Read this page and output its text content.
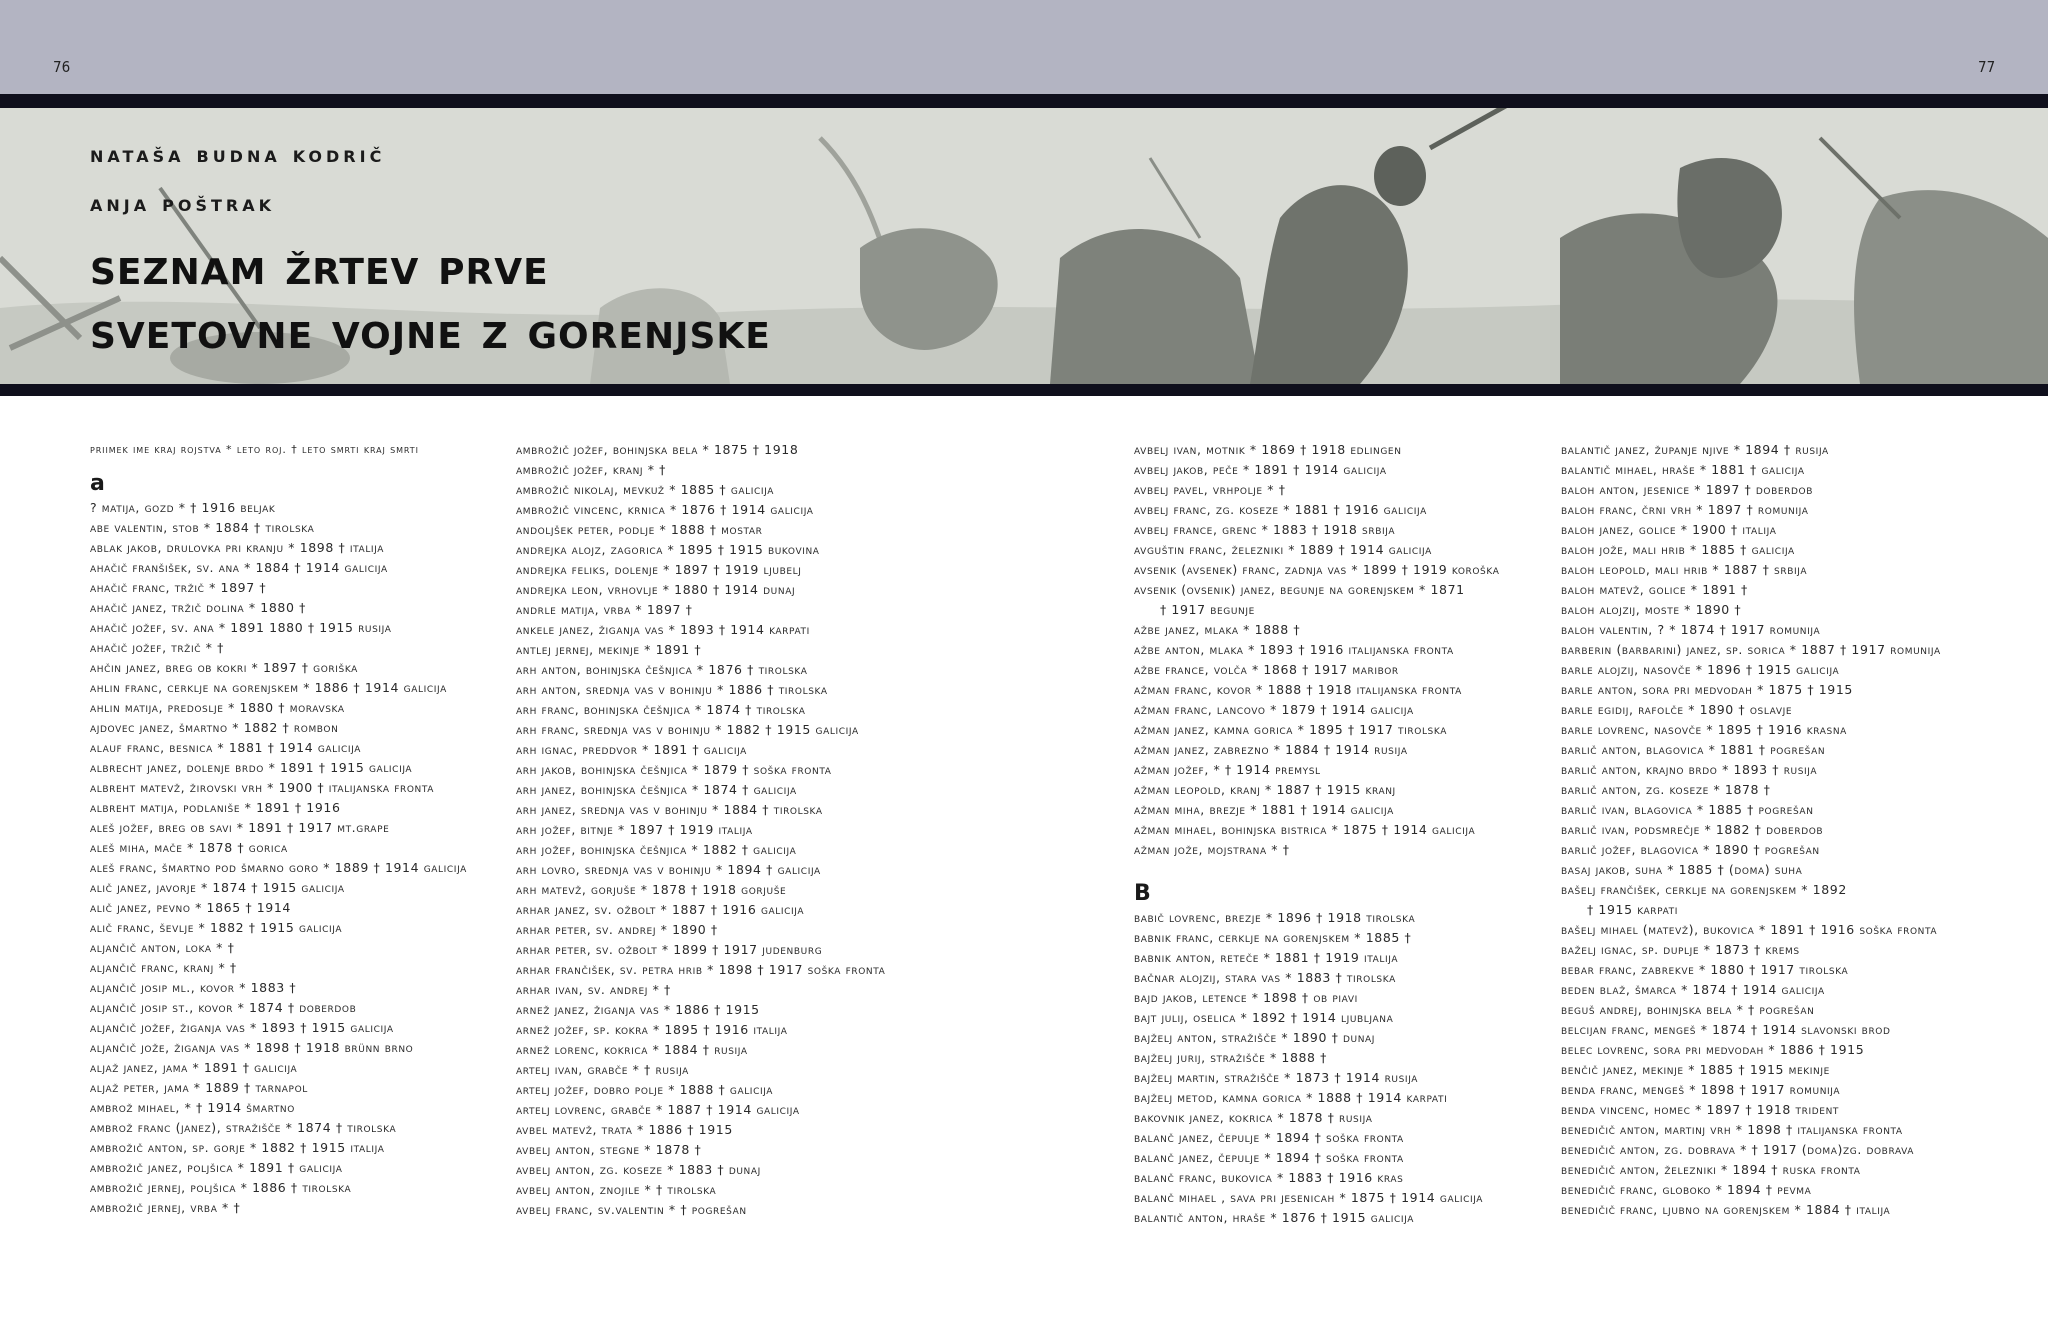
76	77
nataša budna kodrič
anja poštrak
seznam žrtev prve
svetovne vojne z gorenjske
priimek ime kraj rojstva * leto roj. † leto smrti kraj smrti
a
? matija, gozd * † 1916 beljak
abe valentin, stob * 1884 † tirolska
ablak jakob, drulovka pri kranju * 1898 † italija
ahačič franšišek, sv. ana * 1884 † 1914 galicija
ahačič franc, tržič * 1897 †
ahačič janez, tržič dolina * 1880 †
ahačič jožef, sv. ana * 1891 1880 † 1915 rusija
ahačič jožef, tržič * †
ahčin janez, breg ob kokri * 1897 † goriška
ahlin franc, cerklje na gorenjskem * 1886 † 1914 galicija
ahlin matija, predoslje * 1880 † moravska
ajdovec janez, šmartno * 1882 † rombon
alauf franc, besnica * 1881 † 1914 galicija
albrecht janez, dolenje brdo * 1891 † 1915 galicija
albreht matevž, žirovski vrh * 1900 † italijanska fronta
albreht matija, podlaniše * 1891 † 1916
aleš jožef, breg ob savi * 1891 † 1917 mt.grape
aleš miha, mače * 1878 † gorica
aleš franc, šmartno pod šmarno goro * 1889 † 1914 galicija
alič janez, javorje * 1874 † 1915 galicija
alič janez, pevno * 1865 † 1914
alič franc, ševlje * 1882 † 1915 galicija
aljančič anton, loka * †
aljančič franc, kranj * †
aljančič josip ml., kovor * 1883 †
aljančič josip st., kovor * 1874 † doberdob
aljančič jožef, žiganja vas * 1893 † 1915 galicija
aljančič jože, žiganja vas * 1898 † 1918 brünn brno
aljaž janez, jama * 1891 † galicija
aljaž peter, jama * 1889 † tarnapol
ambrož mihael, * † 1914 šmartno
ambrož franc (janez), stražišče * 1874 † tirolska
ambrožič anton, sp. gorje * 1882 † 1915 italija
ambrožič janez, poljšica * 1891 † galicija
ambrožič jernej, poljšica * 1886 † tirolska
ambrožič jernej, vrba * †
ambrožič jožef, bohinjska bela * 1875 † 1918
ambrožič jožef, kranj * †
ambrožič nikolaj, mevkuž * 1885 † galicija
ambrožič vincenc, krnica * 1876 † 1914 galicija
andoljšek peter, podlje * 1888 † mostar
andrejka alojz, zagorica * 1895 † 1915 bukovina
andrejka feliks, dolenje * 1897 † 1919 ljubelj
andrejka leon, vrhovlje * 1880 † 1914 dunaj
andrle matija, vrba * 1897 †
ankele janez, žiganja vas * 1893 † 1914 karpati
antlej jernej, mekinje * 1891 †
arh anton, bohinjska češnjica * 1876 † tirolska
arh anton, srednja vas v bohinju * 1886 † tirolska
arh franc, bohinjska češnjica * 1874 † tirolska
arh franc, srednja vas v bohinju * 1882 † 1915 galicija
arh ignac, preddvor * 1891 † galicija
arh jakob, bohinjska češnjica * 1879 † soška fronta
arh janez, bohinjska češnjica * 1874 † galicija
arh janez, srednja vas v bohinju * 1884 † tirolska
arh jožef, bitnje * 1897 † 1919 italija
arh jožef, bohinjska češnjica * 1882 † galicija
arh lovro, srednja vas v bohinju * 1894 † galicija
arh matevž, gorjuše * 1878 † 1918 gorjuše
arhar janez, sv. ožbolt * 1887 † 1916 galicija
arhar peter, sv. andrej * 1890 †
arhar peter, sv. ožbolt * 1899 † 1917 judenburg
arhar frančišek, sv. petra hrib * 1898 † 1917 soška fronta
arhar ivan, sv. andrej * †
arnež janez, žiganja vas * 1886 † 1915
arnež jožef, sp. kokra * 1895 † 1916 italija
arnež lorenc, kokrica * 1884 † rusija
artelj ivan, grabče * † rusija
artelj jožef, dobro polje * 1888 † galicija
artelj lovrenc, grabče * 1887 † 1914 galicija
avbel matevž, trata * 1886 † 1915
avbelj anton, stegne * 1878 †
avbelj anton, zg. koseze * 1883 † dunaj
avbelj anton, znojile * † tirolska
avbelj franc, sv.valentin * † pogrešan
avbelj ivan, motnik * 1869 † 1918 edlingen
avbelj jakob, peče * 1891 † 1914 galicija
avbelj pavel, vrhpolje * †
avbelj franc, zg. koseze * 1881 † 1916 galicija
avbelj france, grenc * 1883 † 1918 srbija
avguštin franc, železniki * 1889 † 1914 galicija
avsenik (avsenek) franc, zadnja vas * 1899 † 1919 koroška
avsenik (ovsenik) janez, begunje na gorenjskem * 1871
† 1917 begunje
ažbe janez, mlaka * 1888 †
ažbe anton, mlaka * 1893 † 1916 italijanska fronta
ažbe france, volča * 1868 † 1917 maribor
ažman franc, kovor * 1888 † 1918 italijanska fronta
ažman franc, lancovo * 1879 † 1914 galicija
ažman janez, kamna gorica * 1895 † 1917 tirolska
ažman janez, zabrezno * 1884 † 1914 rusija
ažman jožef, * † 1914 premysl
ažman leopold, kranj * 1887 † 1915 kranj
ažman miha, brezje * 1881 † 1914 galicija
ažman mihael, bohinjska bistrica * 1875 † 1914 galicija
ažman jože, mojstrana * †
B
babič lovrenc, brezje * 1896 † 1918 tirolska
babnik franc, cerklje na gorenjskem * 1885 †
babnik anton, reteče * 1881 † 1919 italija
bačnar alojzij, stara vas * 1883 † tirolska
bajd jakob, letence * 1898 † ob piavi
bajt julij, oselica * 1892 † 1914 ljubljana
bajželj anton, stražišče * 1890 † dunaj
bajželj jurij, stražišče * 1888 †
bajželj martin, stražišče * 1873 † 1914 rusija
bajželj metod, kamna gorica * 1888 † 1914 karpati
bakovnik janez, kokrica * 1878 † rusija
balanč janez, čepulje * 1894 † soška fronta
balanč janez, čepulje * 1894 † soška fronta
balanč franc, bukovica * 1883 † 1916 kras
balanč mihael , sava pri jesenicah * 1875 † 1914 galicija
balantič anton, hraše * 1876 † 1915 galicija
balantič janez, županje njive * 1894 † rusija
balantič mihael, hraše * 1881 † galicija
baloh anton, jesenice * 1897 † doberdob
baloh franc, črni vrh * 1897 † romunija
baloh janez, golice * 1900 † italija
baloh jože, mali hrib * 1885 † galicija
baloh leopold, mali hrib * 1887 † srbija
baloh matevž, golice * 1891 †
baloh alojzij, moste * 1890 †
baloh valentin, ? * 1874 † 1917 romunija
barberin (barbarini) janez, sp. sorica * 1887 † 1917 romunija
barle alojzij, nasovče * 1896 † 1915 galicija
barle anton, sora pri medvodah * 1875 † 1915
barle egidij, rafolče * 1890 † oslavje
barle lovrenc, nasovče * 1895 † 1916 krasna
barlič anton, blagovica * 1881 † pogrešan
barlič anton, krajno brdo * 1893 † rusija
barlič anton, zg. koseze * 1878 †
barlič ivan, blagovica * 1885 † pogrešan
barlič ivan, podsmrečje * 1882 † doberdob
barlič jožef, blagovica * 1890 † pogrešan
basaj jakob, suha * 1885 † (doma) suha
bašelj frančišek, cerklje na gorenjskem * 1892
† 1915 karpati
bašelj mihael (matevž), bukovica * 1891 † 1916 soška fronta
baželj ignac, sp. duplje * 1873 † krems
bebar franc, zabrekve * 1880 † 1917 tirolska
beden blaž, šmarca * 1874 † 1914 galicija
beguš andrej, bohinjska bela * † pogrešan
belcijan franc, mengeš * 1874 † 1914 slavonski brod
belec lovrenc, sora pri medvodah * 1886 † 1915
benčič janez, mekinje * 1885 † 1915 mekinje
benda franc, mengeš * 1898 † 1917 romunija
benda vincenc, homec * 1897 † 1918 trident
benedičič anton, martinj vrh * 1898 † italijanska fronta
benedičič anton, zg. dobrava * † 1917 (doma)zg. dobrava
benedičič anton, železniki * 1894 † ruska fronta
benedičič franc, globoko * 1894 † pevma
benedičič franc, ljubno na gorenjskem * 1884 † italija
